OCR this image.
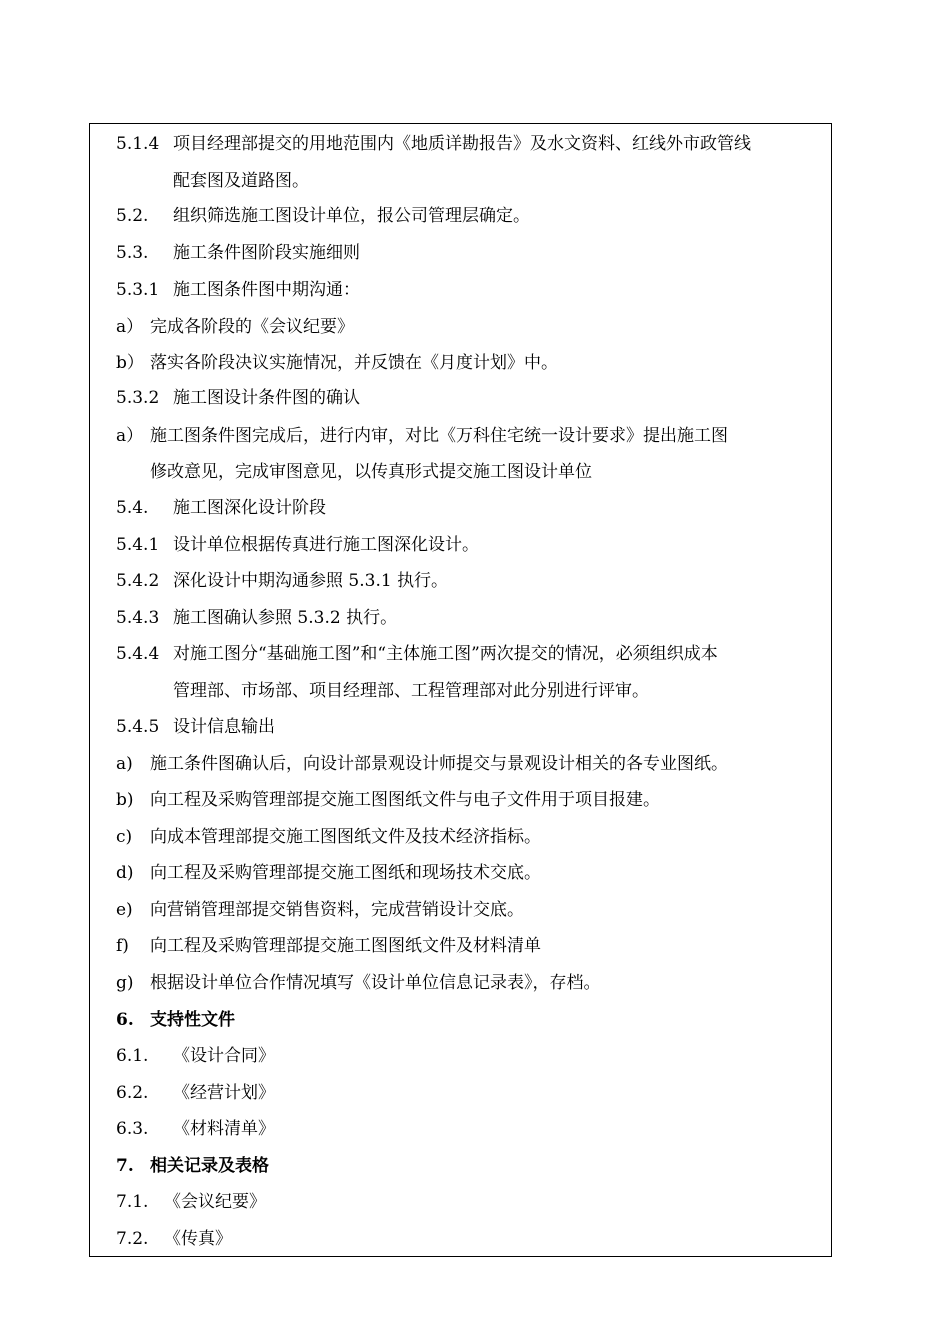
5.1.4 项目经理部提交的用地范围内《地质详勘报告》及水文资料、红线外市政管线
配套图及道路图。
5.2. 组织筛选施工图设计单位，报公司管理层确定。
5.3. 施工条件图阶段实施细则
5.3.1 施工图条件图中期沟通：
a） 完成各阶段的《会议纪要》
b） 落实各阶段决议实施情况，并反馈在《月度计划》中。
5.3.2 施工图设计条件图的确认
a） 施工图条件图完成后，进行内审，对比《万科住宅统一设计要求》提出施工图
修改意见，完成审图意见，以传真形式提交施工图设计单位
5.4. 施工图深化设计阶段
5.4.1 设计单位根据传真进行施工图深化设计。
5.4.2 深化设计中期沟通参照 5.3.1 执行。
5.4.3 施工图确认参照 5.3.2 执行。
5.4.4 对施工图分“基础施工图”和“主体施工图”两次提交的情况，必须组织成本
管理部、市场部、项目经理部、工程管理部对此分别进行评审。
5.4.5 设计信息输出
a) 施工条件图确认后，向设计部景观设计师提交与景观设计相关的各专业图纸。
b) 向工程及采购管理部提交施工图图纸文件与电子文件用于项目报建。
c) 向成本管理部提交施工图图纸文件及技术经济指标。
d) 向工程及采购管理部提交施工图纸和现场技术交底。
e) 向营销管理部提交销售资料，完成营销设计交底。
f) 向工程及采购管理部提交施工图图纸文件及材料清单
g) 根据设计单位合作情况填写《设计单位信息记录表》，存档。
6. 支持性文件
6.1. 《设计合同》
6.2. 《经营计划》
6.3. 《材料清单》
7. 相关记录及表格
7.1. 《会议纪要》
7.2. 《传真》
